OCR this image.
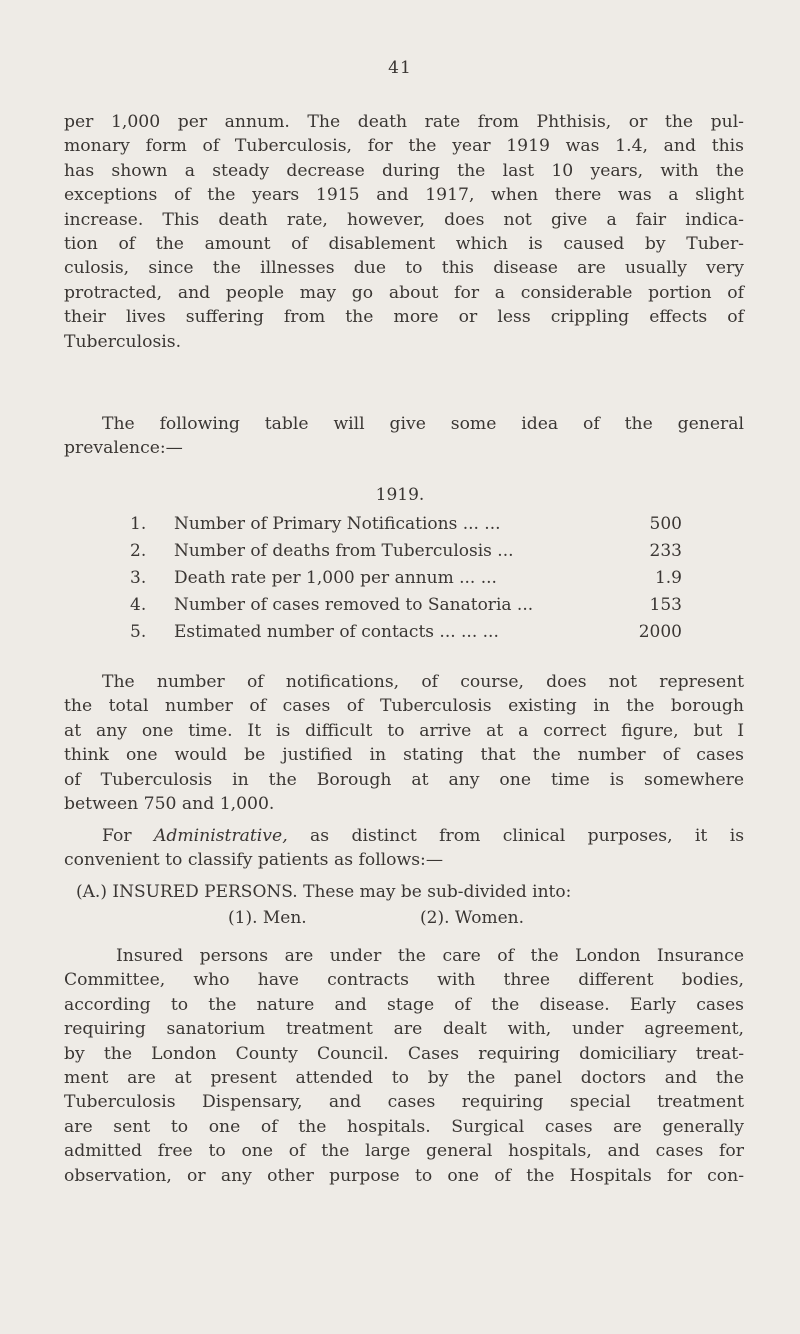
41
per 1,000 per annum. The death rate from Phthisis, or the pul-
monary form of Tuberculosis, for the year 1919 was 1.4, and this
has shown a steady decrease during the last 10 years, with the
exceptions of the years 1915 and 1917, when there was a slight
increase. This death rate, however, does not give a fair indica-
tion of the amount of disablement which is caused by Tuber-
culosis, since the illnesses due to this disease are usually very
protracted, and people may go about for a considerable portion of
their lives suffering from the more or less crippling effects of
Tuberculosis.
The following table will give some idea of the general
prevalence:—
1919.
1.	Number of Primary Notifications ... ...	500
2.	Number of deaths from Tuberculosis ...	233
3.	Death rate per 1,000 per annum ... ...	1.9
4.	Number of cases removed to Sanatoria ...	153
5.	Estimated number of contacts ... ... ...	2000
The number of notifications, of course, does not represent
the total number of cases of Tuberculosis existing in the borough
at any one time. It is difficult to arrive at a correct figure, but I
think one would be justified in stating that the number of cases
of Tuberculosis in the Borough at any one time is somewhere
between 750 and 1,000.
For Administrative, as distinct from clinical purposes, it is
convenient to classify patients as follows:—
(A.) INSURED PERSONS. These may be sub-divided into:
(1). Men.	(2). Women.
Insured persons are under the care of the London Insurance
Committee, who have contracts with three different bodies,
according to the nature and stage of the disease. Early cases
requiring sanatorium treatment are dealt with, under agreement,
by the London County Council. Cases requiring domiciliary treat-
ment are at present attended to by the panel doctors and the
Tuberculosis Dispensary, and cases requiring special treatment
are sent to one of the hospitals. Surgical cases are generally
admitted free to one of the large general hospitals, and cases for
observation, or any other purpose to one of the Hospitals for con-
